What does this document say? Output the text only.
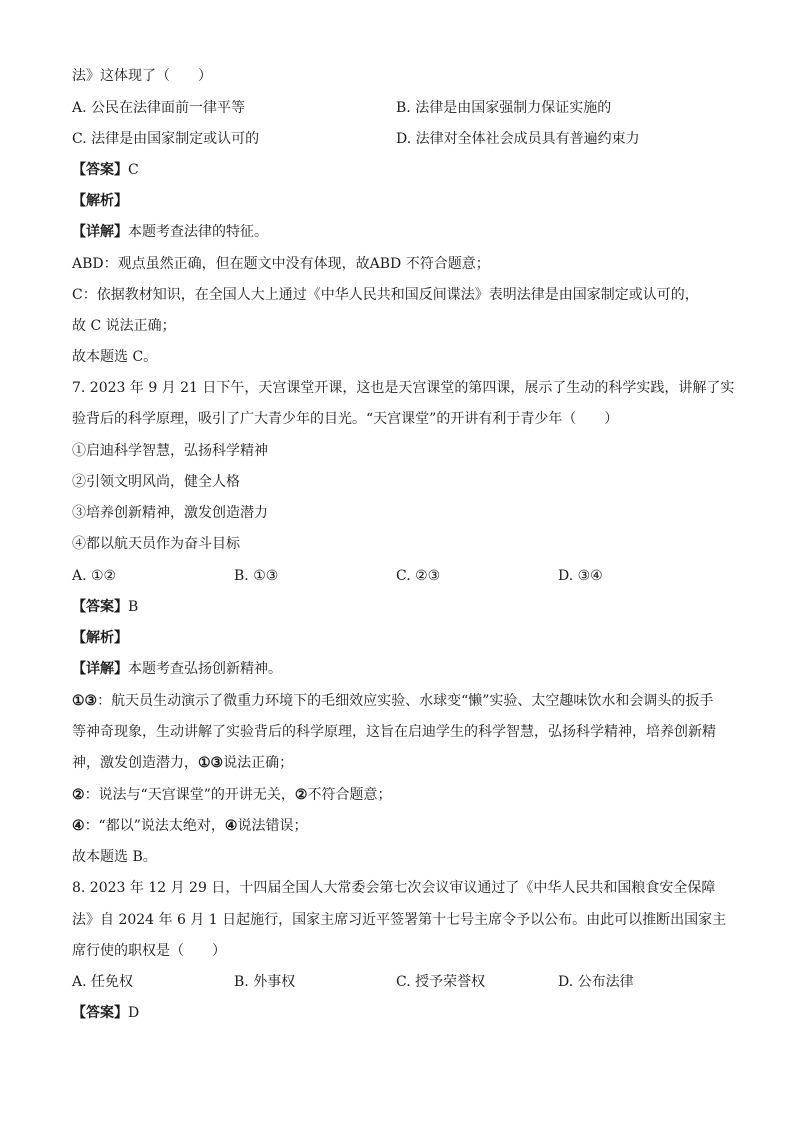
法》这体现了（　　）
A. 公民在法律面前一律平等	B. 法律是由国家强制力保证实施的
C. 法律是由国家制定或认可的	D. 法律对全体社会成员具有普遍约束力
【答案】C
【解析】
【详解】本题考查法律的特征。
ABD：观点虽然正确，但在题文中没有体现，故ABD 不符合题意；
C：依据教材知识，在全国人大上通过《中华人民共和国反间谍法》表明法律是由国家制定或认可的，
故 C 说法正确；
故本题选 C。
7. 2023 年 9 月 21 日下午，天宫课堂开课，这也是天宫课堂的第四课，展示了生动的科学实践，讲解了实
验背后的科学原理，吸引了广大青少年的目光。“天宫课堂”的开讲有利于青少年（　　）
①启迪科学智慧，弘扬科学精神
②引领文明风尚，健全人格
③培养创新精神，激发创造潜力
④都以航天员作为奋斗目标
A. ①②	B. ①③	C. ②③	D. ③④
【答案】B
【解析】
【详解】本题考查弘扬创新精神。
①③：航天员生动演示了微重力环境下的毛细效应实验、水球变“懒”实验、太空趣味饮水和会调头的扳手
等神奇现象，生动讲解了实验背后的科学原理，这旨在启迪学生的科学智慧，弘扬科学精神，培养创新精
神，激发创造潜力，①③说法正确；
②：说法与“天宫课堂”的开讲无关，②不符合题意；
④：“都以”说法太绝对，④说法错误；
故本题选 B。
8. 2023 年 12 月 29 日，十四届全国人大常委会第七次会议审议通过了《中华人民共和国粮食安全保障
法》自 2024 年 6 月 1 日起施行，国家主席习近平签署第十七号主席令予以公布。由此可以推断出国家主
席行使的职权是（　　）
A. 任免权	B. 外事权	C. 授予荣誉权	D. 公布法律
【答案】D
